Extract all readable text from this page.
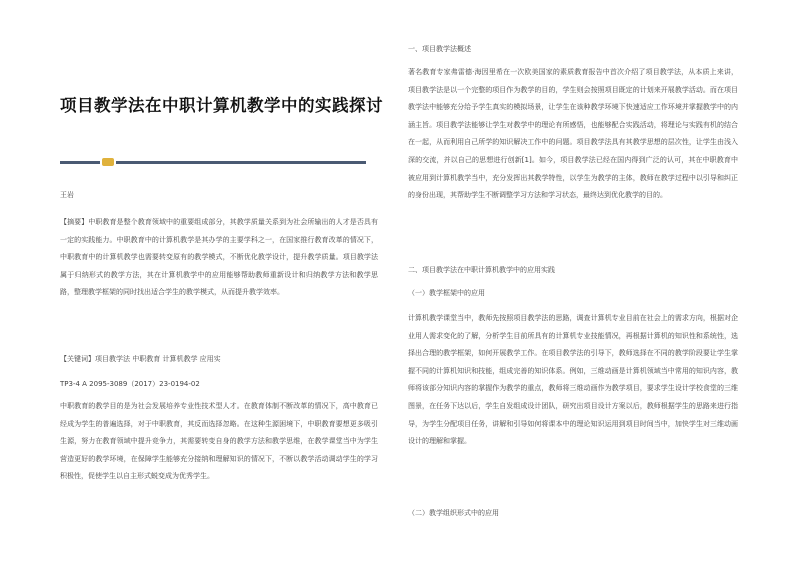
项目教学法在中职计算机教学中的实践探讨
王岩
【摘要】中职教育是整个教育领域中的重要组成部分，其教学质量关系到为社会所输出的人才是否具有一定的实践能力。中职教育中的计算机教学是其办学的主要学科之一，在国家推行教育改革的情况下，中职教育中的计算机教学也需要转变原有的教学模式，不断优化教学设计，提升教学质量。项目教学法属于归纳形式的教学方法，其在计算机教学中的应用能够帮助教师重新设计和归纳教学方法和教学思路，整理教学框架的同时找出适合学生的教学模式，从而提升教学效率。
【关键词】项目教学法 中职教育 计算机教学 应用实
TP3-4 A 2095-3089（2017）23-0194-02
中职教育的教学目的是为社会发展培养专业性技术型人才。在教育体制不断改革的情况下，高中教育已经成为学生的普遍选择，对于中职教育，其反而选择忽略。在这种生源困境下，中职教育要想更多吸引生源，努力在教育领域中提升竞争力，其需要转变自身的教学方法和教学思维，在教学课堂当中为学生营造更好的教学环境，在保障学生能够充分接纳和理解知识的情况下，不断以教学活动调动学生的学习积极性，促使学生以自主形式蜕变成为优秀学生。
一、项目教学法概述
著名教育专家弗雷德·海因里希在一次欧美国家的素质教育报告中首次介绍了项目教学法，从本质上来讲，项目教学法是以一个完整的项目作为教学的目的，学生则会按照项目既定的计划来开展教学活动。而在项目教学法中能够充分给予学生真实的模拟场景，让学生在该种教学环境下快速适应工作环境并掌握教学中的内涵主旨。项目教学法能够让学生对教学中的理论有所感悟，也能够配合实践活动，将理论与实践有机的结合在一起，从而利用自己所学的知识解决工作中的问题。项目教学法具有其教学思想的层次性，让学生由浅入深的交流，并以自己的思想进行创新[1]。如今，项目教学法已经在国内得到广泛的认可，其在中职教育中被应用到计算机教学当中，充分发挥出其教学特性，以学生为教学的主体，教师在教学过程中以引导和纠正的身份出现，其帮助学生不断调整学习方法和学习状态，最终达到优化教学的目的。
二、项目教学法在中职计算机教学中的应用实践
（一）教学框架中的应用
计算机教学课堂当中，教师先按照项目教学法的思路，调查计算机专业目前在社会上的需求方向，根据对企业用人需求变化的了解，分析学生目前所具有的计算机专业技能情况，再根据计算机的知识性和系统性，选择出合理的教学框架，如何开展教学工作。在项目教学法的引导下，教师选择在不同的教学阶段要让学生掌握不同的计算机知识和技能，组成完善的知识体系。例如，三维动画是计算机领域当中常用的知识内容，教师将该部分知识内容的掌握作为教学的重点，教师将三维动画作为教学项目，要求学生设计学校食堂的三维图景，在任务下达以后，学生自发组成设计团队，研究出项目设计方案以后，教师根据学生的思路来进行指导，为学生分配项目任务，讲解和引导如何将课本中的理论知识运用到项目时间当中，加快学生对三维动画设计的理解和掌握。
（二）教学组织形式中的应用
